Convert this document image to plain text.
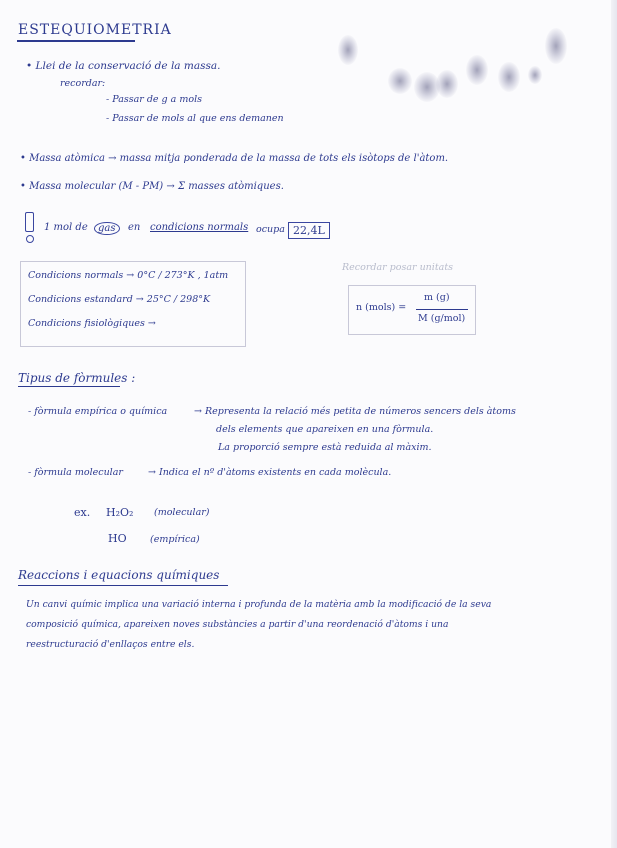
ESTEQUIOMETRIA
• Llei de la conservació de la massa.
recordar:
- Passar de g a mols
- Passar de mols al que ens demanen
• Massa atòmica → massa mitja ponderada de la massa de tots els isòtops de l'àtom.
• Massa molecular (M - PM) → Σ masses atòmiques.
1 mol de	gas	en condicions normals ocupa 22,4L
Condicions normals → 0°C / 273°K , 1atm
Condicions estandard → 25°C / 298°K
Condicions fisiològiques →
Recordar posar unitats
n (mols) =
m (g)
M (g/mol)
Tipus de fòrmules :
- fòrmula empírica o química	→ Representa la relació més petita de números sencers dels àtoms
dels elements que apareixen en una fòrmula.
La proporció sempre està reduida al màxim.
- fòrmula molecular	→ Indica el nº d'àtoms existents en cada molècula.
ex. H₂O₂ (molecular)
HO (empírica)
Reaccions i equacions químiques
Un canvi químic implica una variació interna i profunda de la matèria amb la modificació de la seva
composició química, apareixen noves substàncies a partir d'una reordenació d'àtoms i una
reestructuració d'enllaços entre els.
